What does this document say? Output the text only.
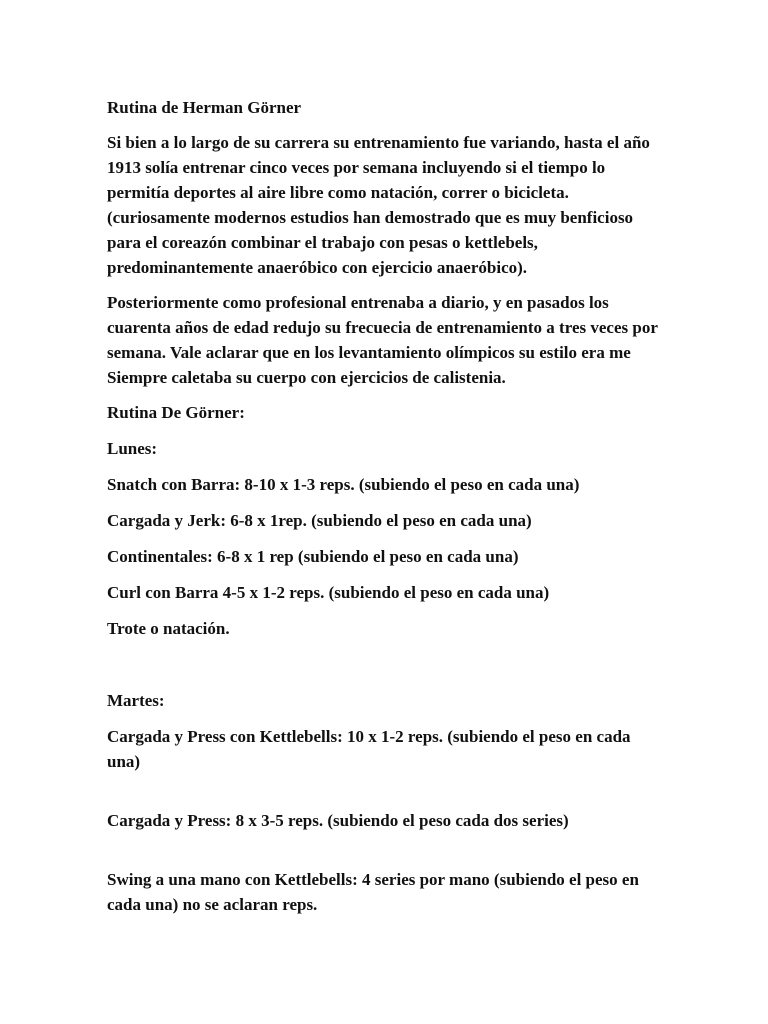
Rutina de Herman Görner

Si bien a lo largo de su carrera su entrenamiento fue variando, hasta el año 1913 solía entrenar cinco veces por semana incluyendo si el tiempo lo permitía deportes al aire libre como natación, correr o bicicleta. (curiosamente modernos estudios han demostrado que es muy benficioso para el coreazón combinar el trabajo con pesas o kettlebels, predominantemente anaeróbico con ejercicio anaeróbico).

Posteriormente como profesional entrenaba a diario, y en pasados los cuarenta años de edad redujo su frecuecia de entrenamiento a tres veces por semana. Vale aclarar que en los levantamiento olímpicos su estilo era me Siempre caletaba su cuerpo con ejercicios de calistenia.

Rutina De Görner:

Lunes:

Snatch con Barra: 8-10 x 1-3 reps. (subiendo el peso en cada una)

Cargada y Jerk: 6-8 x 1rep. (subiendo el peso en cada una)

Continentales: 6-8 x 1 rep (subiendo el peso en cada una)

Curl con Barra 4-5 x 1-2 reps. (subiendo el peso en cada una)

Trote o natación.

Martes:

Cargada y Press con Kettlebells: 10 x 1-2 reps. (subiendo el peso en cada una)

Cargada y Press: 8 x 3-5 reps. (subiendo el peso cada dos series)

Swing a una mano con Kettlebells: 4 series por mano (subiendo el peso en cada una) no se aclaran reps.
